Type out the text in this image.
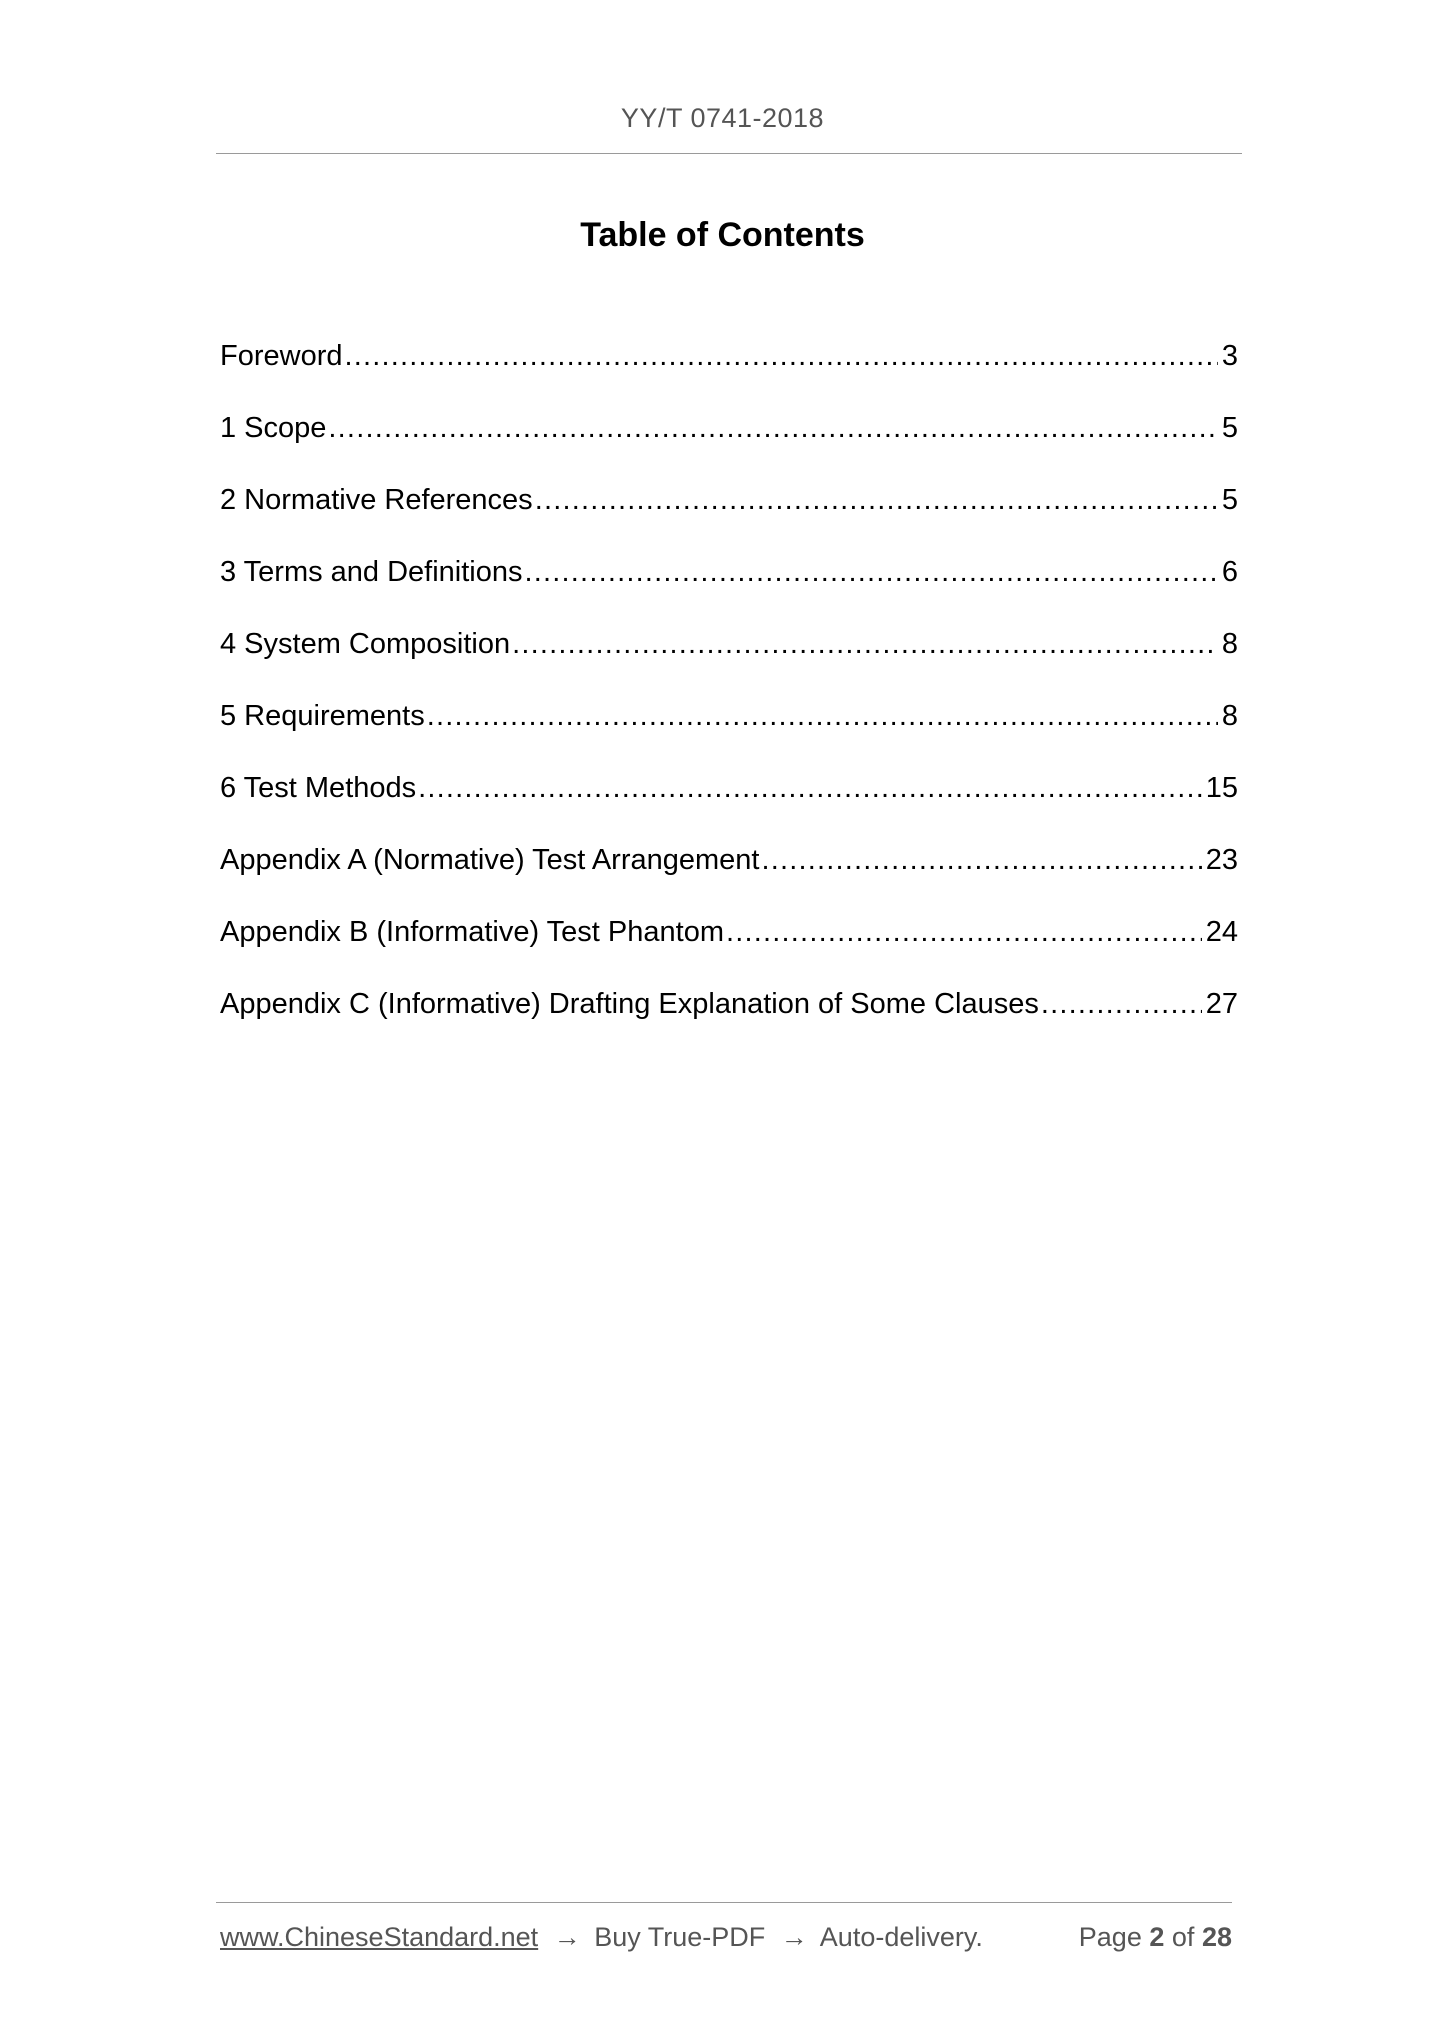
YY/T 0741-2018
Table of Contents
Foreword .....	3
1 Scope .....	5
2 Normative References .....	5
3 Terms and Definitions .....	6
4 System Composition .....	8
5 Requirements .....	8
6 Test Methods .....	15
Appendix A (Normative) Test Arrangement .....	23
Appendix B (Informative) Test Phantom .....	24
Appendix C (Informative) Drafting Explanation of Some Clauses .....	27
www.ChineseStandard.net → Buy True-PDF → Auto-delivery.	Page 2 of 28
